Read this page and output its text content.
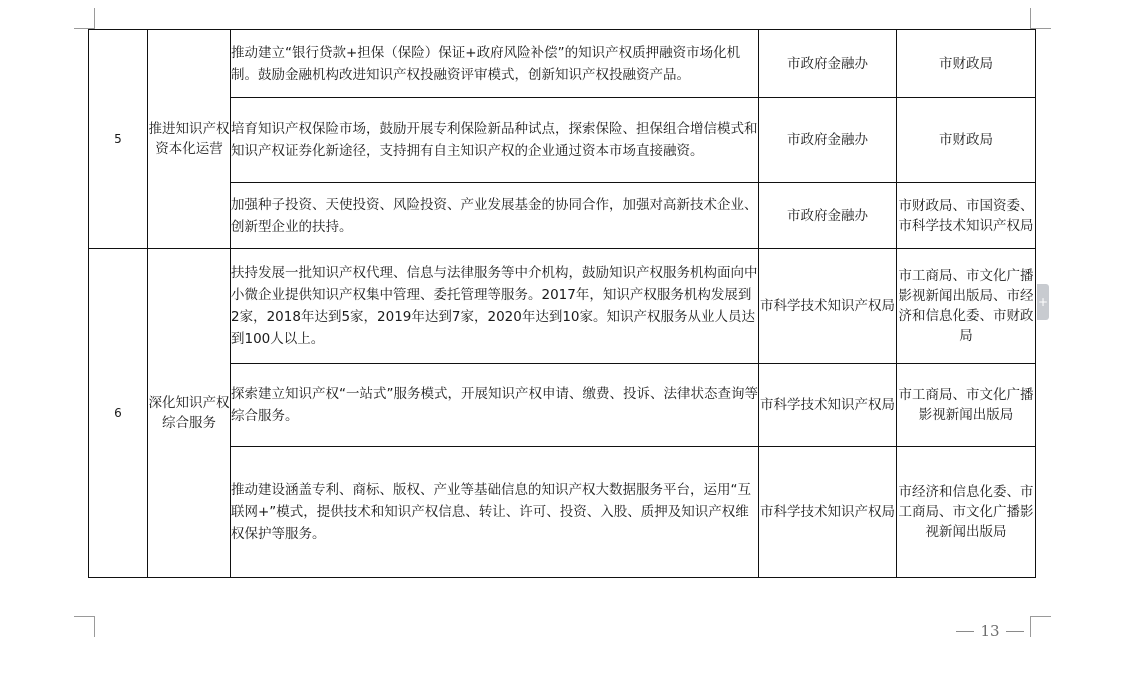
5	推进知识产权资本化运营	推动建立“银行贷款+担保（保险）保证+政府风险补偿”的知识产权质押融资市场化机制。鼓励金融机构改进知识产权投融资评审模式，创新知识产权投融资产品。	市政府金融办	市财政局
		培育知识产权保险市场，鼓励开展专利保险新品种试点，探索保险、担保组合增信模式和知识产权证券化新途径，支持拥有自主知识产权的企业通过资本市场直接融资。	市政府金融办	市财政局
		加强种子投资、天使投资、风险投资、产业发展基金的协同合作，加强对高新技术企业、创新型企业的扶持。	市政府金融办	市财政局、市国资委、市科学技术知识产权局
6	深化知识产权综合服务	扶持发展一批知识产权代理、信息与法律服务等中介机构，鼓励知识产权服务机构面向中小微企业提供知识产权集中管理、委托管理等服务。2017年，知识产权服务机构发展到2家，2018年达到5家，2019年达到7家，2020年达到10家。知识产权服务从业人员达到100人以上。	市科学技术知识产权局	市工商局、市文化广播影视新闻出版局、市经济和信息化委、市财政局
		探索建立知识产权“一站式”服务模式，开展知识产权申请、缴费、投诉、法律状态查询等综合服务。	市科学技术知识产权局	市工商局、市文化广播影视新闻出版局
		推动建设涵盖专利、商标、版权、产业等基础信息的知识产权大数据服务平台，运用“互联网+”模式，提供技术和知识产权信息、转让、许可、投资、入股、质押及知识产权维权保护等服务。	市科学技术知识产权局	市经济和信息化委、市工商局、市文化广播影视新闻出版局
+
13
